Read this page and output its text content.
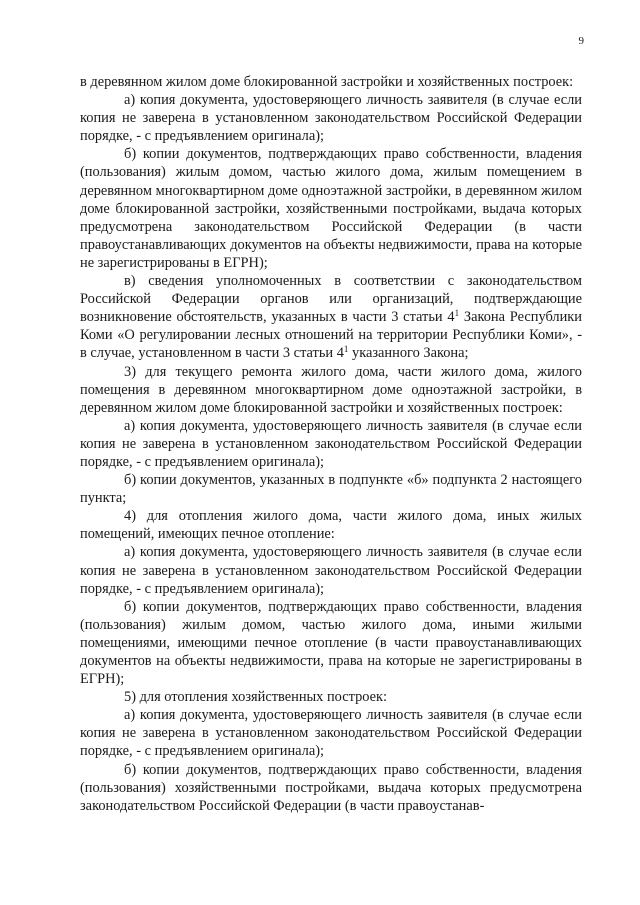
9

в деревянном жилом доме блокированной застройки и хозяйственных построек:

а) копия документа, удостоверяющего личность заявителя (в случае если копия не заверена в установленном законодательством Российской Федерации порядке, - с предъявлением оригинала);

б) копии документов, подтверждающих право собственности, владения (пользования) жилым домом, частью жилого дома, жилым помещением в деревянном многоквартирном доме одноэтажной застройки, в деревянном жилом доме блокированной застройки, хозяйственными постройками, выдача которых предусмотрена законодательством Российской Федерации (в части правоустанавливающих документов на объекты недвижимости, права на которые не зарегистрированы в ЕГРН);

в) сведения уполномоченных в соответствии с законодательством Российской Федерации органов или организаций, подтверждающие возникновение обстоятельств, указанных в части 3 статьи $4^1$ Закона Республики Коми «О регулировании лесных отношений на территории Республики Коми», - в случае, установленном в части 3 статьи $4^1$ указанного Закона;

3) для текущего ремонта жилого дома, части жилого дома, жилого помещения в деревянном многоквартирном доме одноэтажной застройки, в деревянном жилом доме блокированной застройки и хозяйственных построек:

а) копия документа, удостоверяющего личность заявителя (в случае если копия не заверена в установленном законодательством Российской Федерации порядке, - с предъявлением оригинала);

б) копии документов, указанных в подпункте «б» подпункта 2 настоящего пункта;

4) для отопления жилого дома, части жилого дома, иных жилых помещений, имеющих печное отопление:

а) копия документа, удостоверяющего личность заявителя (в случае если копия не заверена в установленном законодательством Российской Федерации порядке, - с предъявлением оригинала);

б) копии документов, подтверждающих право собственности, владения (пользования) жилым домом, частью жилого дома, иными жилыми помещениями, имеющими печное отопление (в части правоустанавливающих документов на объекты недвижимости, права на которые не зарегистрированы в ЕГРН);

5) для отопления хозяйственных построек:

а) копия документа, удостоверяющего личность заявителя (в случае если копия не заверена в установленном законодательством Российской Федерации порядке, - с предъявлением оригинала);

б) копии документов, подтверждающих право собственности, владения (пользования) хозяйственными постройками, выдача которых предусмотрена законодательством Российской Федерации (в части правоустанав-
